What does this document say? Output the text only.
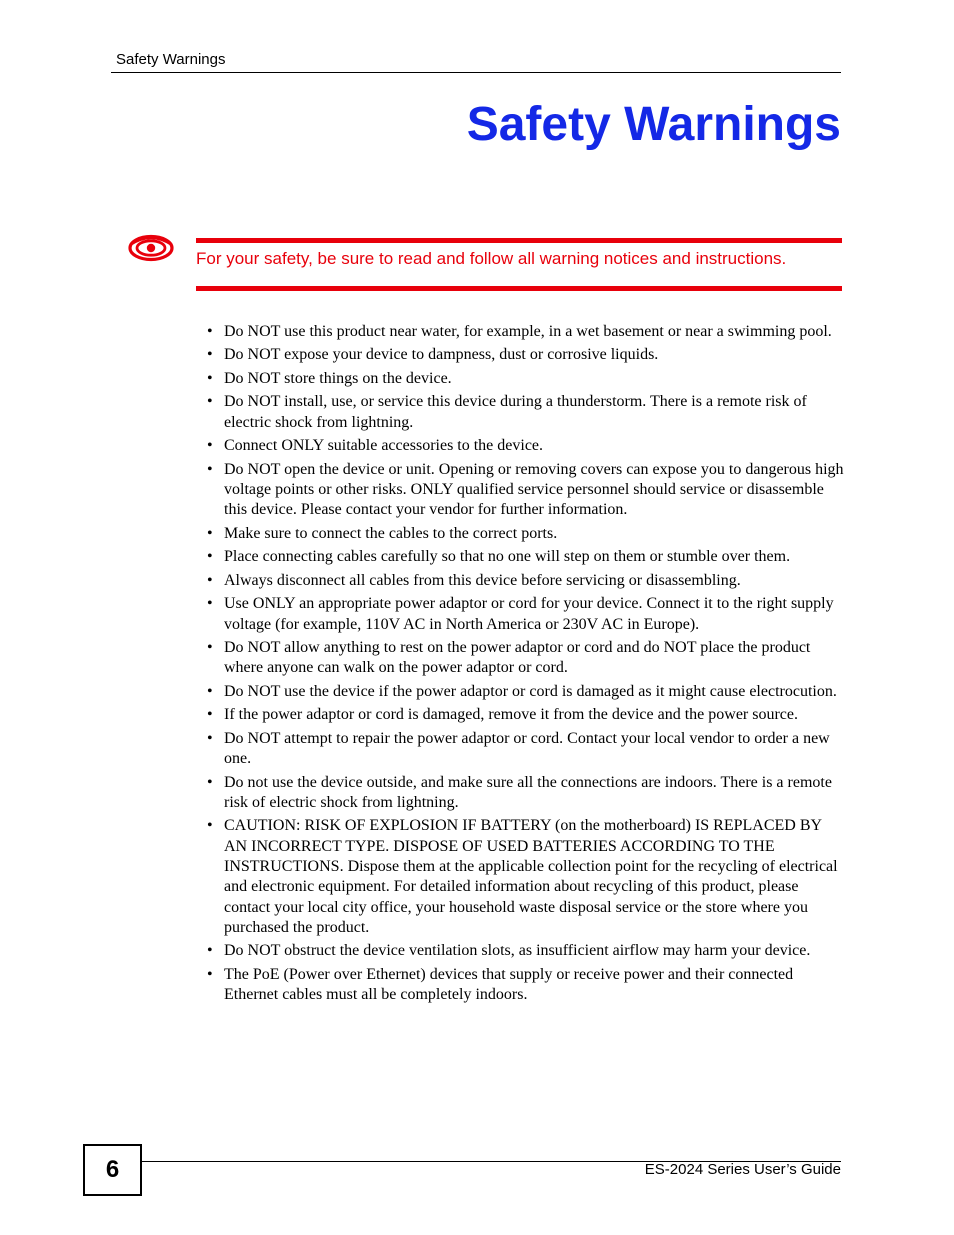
Safety Warnings
Safety Warnings
For your safety, be sure to read and follow all warning notices and instructions.
• Do NOT use this product near water, for example, in a wet basement or near a swimming pool.
• Do NOT expose your device to dampness, dust or corrosive liquids.
• Do NOT store things on the device.
• Do NOT install, use, or service this device during a thunderstorm. There is a remote risk of electric shock from lightning.
• Connect ONLY suitable accessories to the device.
• Do NOT open the device or unit. Opening or removing covers can expose you to dangerous high voltage points or other risks. ONLY qualified service personnel should service or disassemble this device. Please contact your vendor for further information.
• Make sure to connect the cables to the correct ports.
• Place connecting cables carefully so that no one will step on them or stumble over them.
• Always disconnect all cables from this device before servicing or disassembling.
• Use ONLY an appropriate power adaptor or cord for your device. Connect it to the right supply voltage (for example, 110V AC in North America or 230V AC in Europe).
• Do NOT allow anything to rest on the power adaptor or cord and do NOT place the product where anyone can walk on the power adaptor or cord.
• Do NOT use the device if the power adaptor or cord is damaged as it might cause electrocution.
• If the power adaptor or cord is damaged, remove it from the device and the power source.
• Do NOT attempt to repair the power adaptor or cord. Contact your local vendor to order a new one.
• Do not use the device outside, and make sure all the connections are indoors. There is a remote risk of electric shock from lightning.
• CAUTION: RISK OF EXPLOSION IF BATTERY (on the motherboard) IS REPLACED BY AN INCORRECT TYPE. DISPOSE OF USED BATTERIES ACCORDING TO THE INSTRUCTIONS. Dispose them at the applicable collection point for the recycling of electrical and electronic equipment. For detailed information about recycling of this product, please contact your local city office, your household waste disposal service or the store where you purchased the product.
• Do NOT obstruct the device ventilation slots, as insufficient airflow may harm your device.
• The PoE (Power over Ethernet) devices that supply or receive power and their connected Ethernet cables must all be completely indoors.
6	ES-2024 Series User’s Guide
